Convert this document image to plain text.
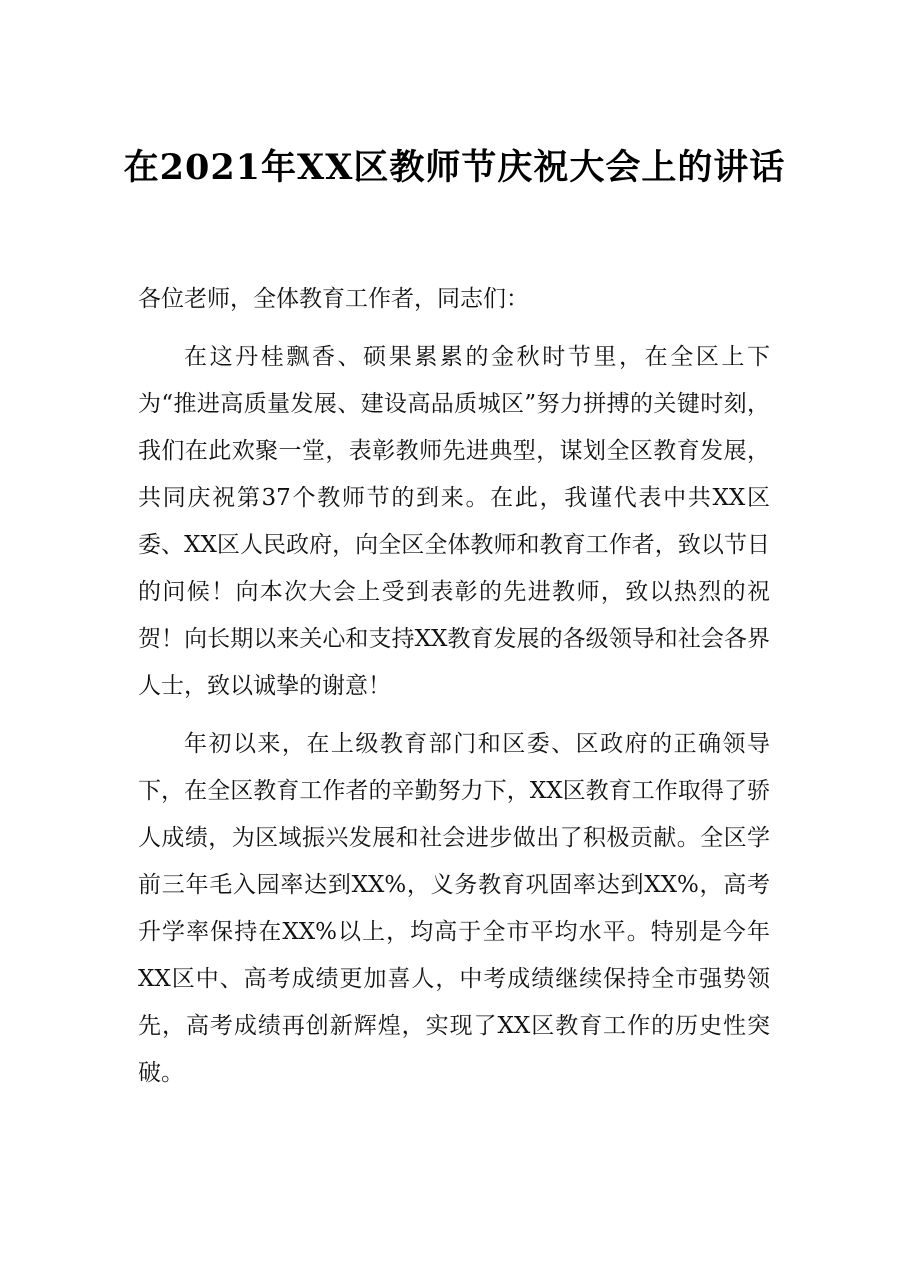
在2021年XX区教师节庆祝大会上的讲话

各位老师，全体教育工作者，同志们：

在这丹桂飘香、硕果累累的金秋时节里，在全区上下为“推进高质量发展、建设高品质城区”努力拼搏的关键时刻，我们在此欢聚一堂，表彰教师先进典型，谋划全区教育发展，共同庆祝第37个教师节的到来。在此，我谨代表中共XX区委、XX区人民政府，向全区全体教师和教育工作者，致以节日的问候！向本次大会上受到表彰的先进教师，致以热烈的祝贺！向长期以来关心和支持XX教育发展的各级领导和社会各界人士，致以诚挚的谢意！

年初以来，在上级教育部门和区委、区政府的正确领导下，在全区教育工作者的辛勤努力下，XX区教育工作取得了骄人成绩，为区域振兴发展和社会进步做出了积极贡献。全区学前三年毛入园率达到XX%，义务教育巩固率达到XX%，高考升学率保持在XX%以上，均高于全市平均水平。特别是今年XX区中、高考成绩更加喜人，中考成绩继续保持全市强势领先，高考成绩再创新辉煌，实现了XX区教育工作的历史性突破。
